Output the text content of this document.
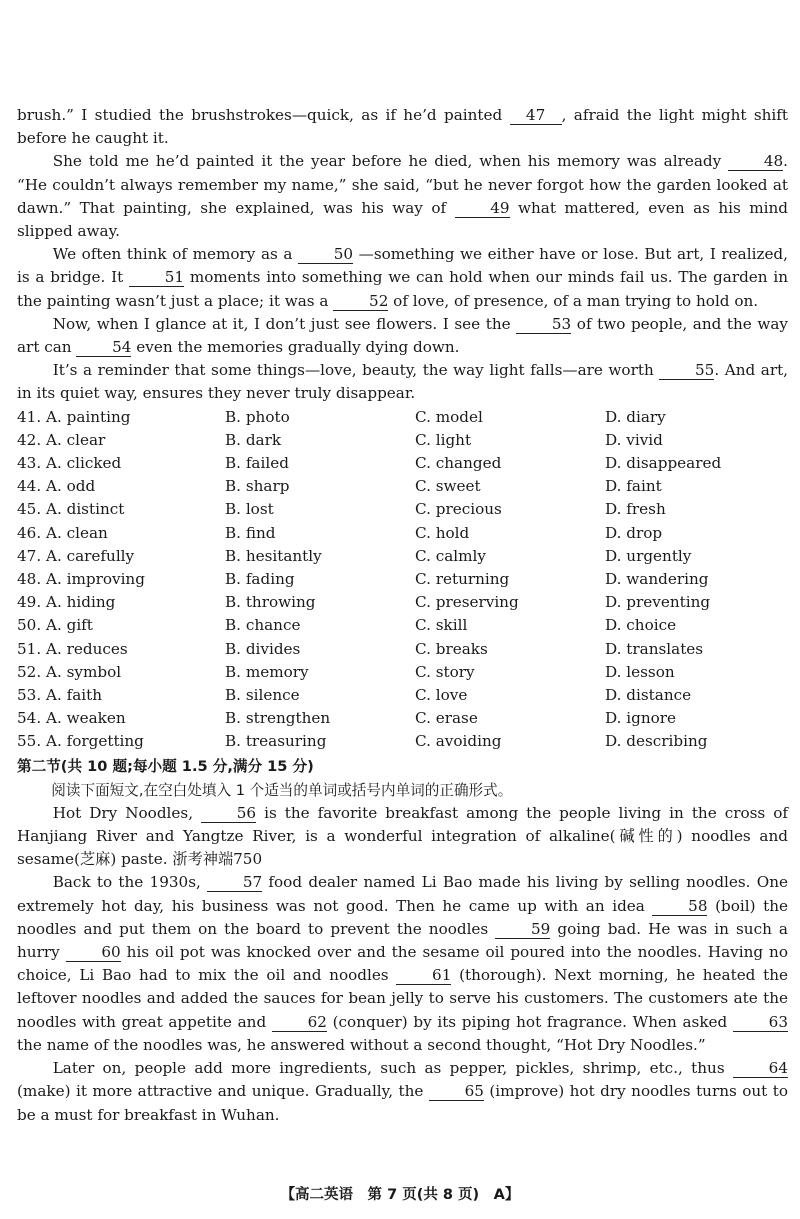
brush.” I studied the brushstrokes—quick, as if he’d painted 47 , afraid the light might shift before he caught it.

She told me he’d painted it the year before he died, when his memory was already 48. “He couldn’t always remember my name,” she said, “but he never forgot how the garden looked at dawn.” That painting, she explained, was his way of 49 what mattered, even as his mind slipped away.

We often think of memory as a 50 —something we either have or lose. But art, I realized, is a bridge. It 51 moments into something we can hold when our minds fail us. The garden in the painting wasn’t just a place; it was a 52 of love, of presence, of a man trying to hold on.

Now, when I glance at it, I don’t just see flowers. I see the 53 of two people, and the way art can 54 even the memories gradually dying down.

It’s a reminder that some things—love, beauty, the way light falls—are worth 55. And art, in its quiet way, ensures they never truly disappear.

41. A. painting	B. photo	C. model	D. diary
42. A. clear	B. dark	C. light	D. vivid
43. A. clicked	B. failed	C. changed	D. disappeared
44. A. odd	B. sharp	C. sweet	D. faint
45. A. distinct	B. lost	C. precious	D. fresh
46. A. clean	B. find	C. hold	D. drop
47. A. carefully	B. hesitantly	C. calmly	D. urgently
48. A. improving	B. fading	C. returning	D. wandering
49. A. hiding	B. throwing	C. preserving	D. preventing
50. A. gift	B. chance	C. skill	D. choice
51. A. reduces	B. divides	C. breaks	D. translates
52. A. symbol	B. memory	C. story	D. lesson
53. A. faith	B. silence	C. love	D. distance
54. A. weaken	B. strengthen	C. erase	D. ignore
55. A. forgetting	B. treasuring	C. avoiding	D. describing
第二节(共 10 题;每小题 1.5 分,满分 15 分)
阅读下面短文,在空白处填入 1 个适当的单词或括号内单词的正确形式。

Hot Dry Noodles, 56 is the favorite breakfast among the people living in the cross of Hanjiang River and Yangtze River, is a wonderful integration of alkaline(碱性的) noodles and sesame(芝麻) paste. 浙考神端750

Back to the 1930s, 57 food dealer named Li Bao made his living by selling noodles. One extremely hot day, his business was not good. Then he came up with an idea 58 (boil) the noodles and put them on the board to prevent the noodles 59 going bad. He was in such a hurry 60 his oil pot was knocked over and the sesame oil poured into the noodles. Having no choice, Li Bao had to mix the oil and noodles 61 (thorough). Next morning, he heated the leftover noodles and added the sauces for bean jelly to serve his customers. The customers ate the noodles with great appetite and 62 (conquer) by its piping hot fragrance. When asked 63 the name of the noodles was, he answered without a second thought, “Hot Dry Noodles.”

Later on, people add more ingredients, such as pepper, pickles, shrimp, etc., thus 64 (make) it more attractive and unique. Gradually, the 65 (improve) hot dry noodles turns out to be a must for breakfast in Wuhan.

【高二英语　第 7 页(共 8 页)　A】
